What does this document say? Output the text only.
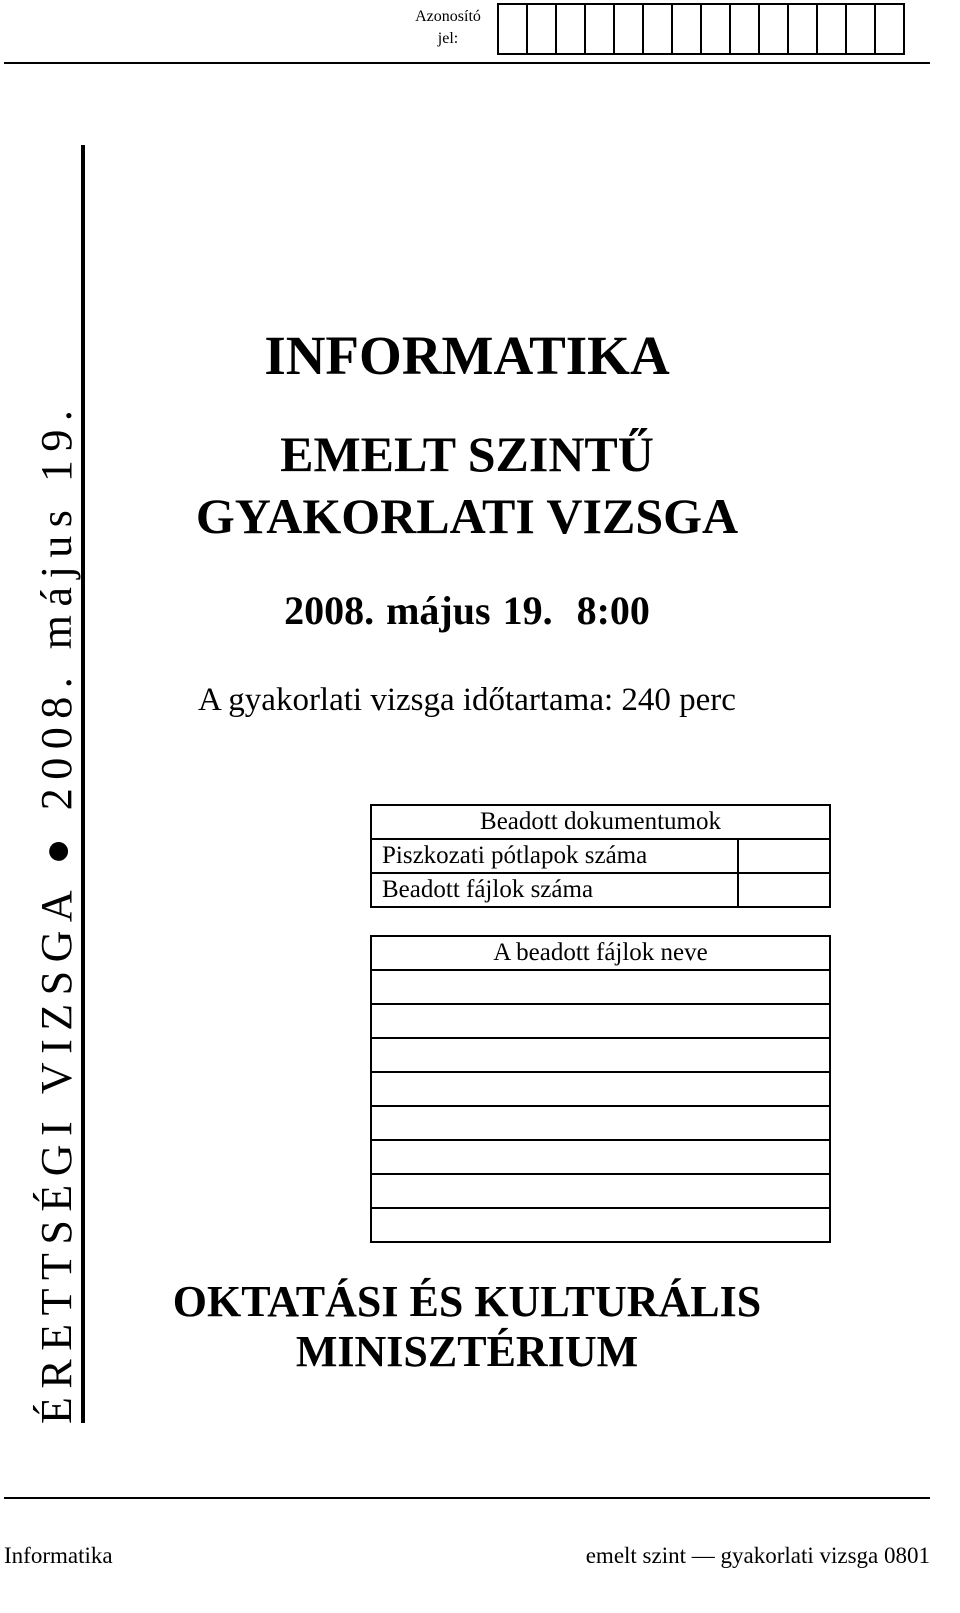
Azonosító
jel:
ÉRETTSÉGI VIZSGA ● 2008. május 19.
INFORMATIKA
EMELT SZINTŰ
GYAKORLATI VIZSGA
2008. május 19.  8:00
A gyakorlati vizsga időtartama: 240 perc
Beadott dokumentumok	
Piszkozati pótlapok száma	
Beadott fájlok száma	
A beadott fájlok neve

OKTATÁSI ÉS KULTURÁLIS
MINISZTÉRIUM
Informatika	emelt szint — gyakorlati vizsga 0801
